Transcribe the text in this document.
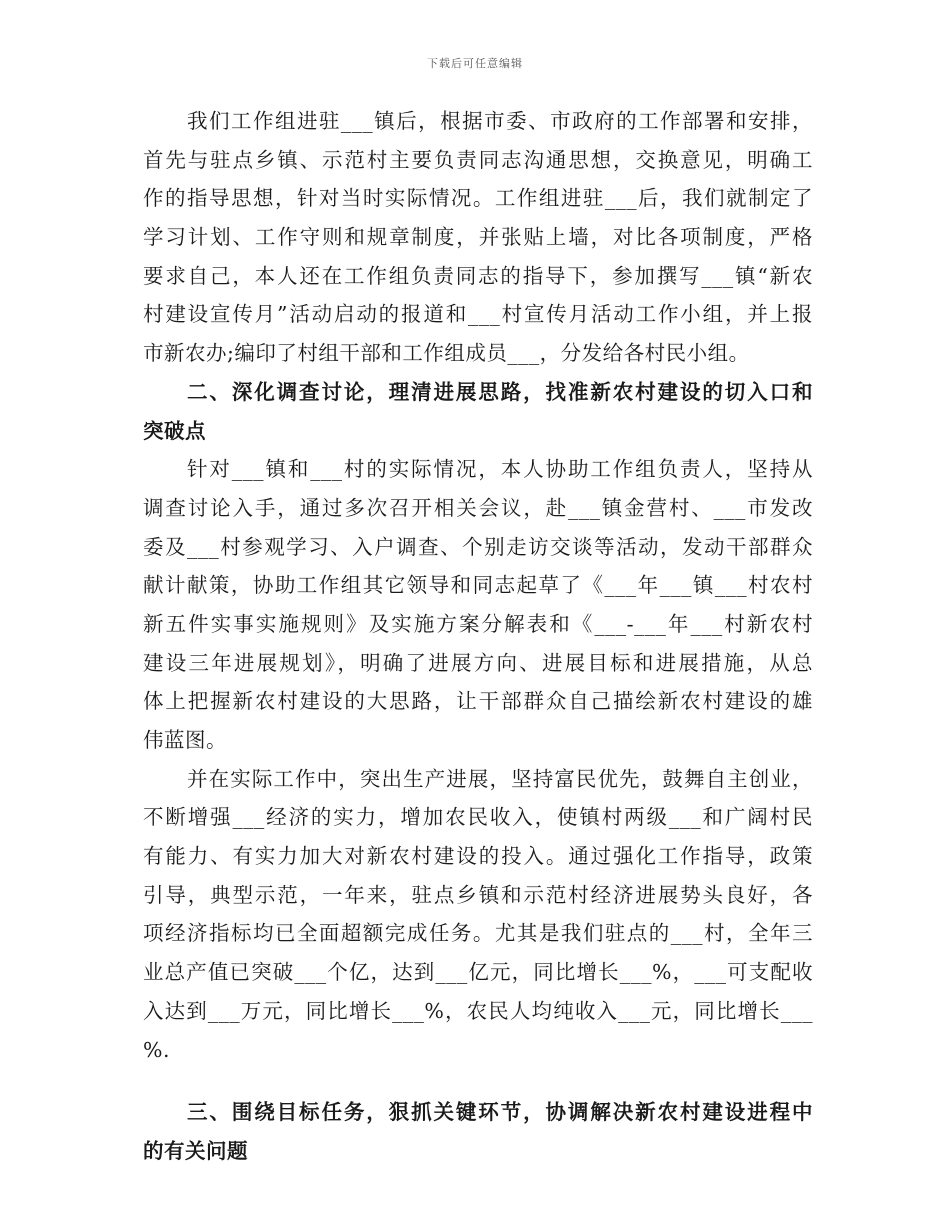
下载后可任意编辑
我们工作组进驻___镇后，根据市委、市政府的工作部署和安排，
首先与驻点乡镇、示范村主要负责同志沟通思想，交换意见，明确工
作的指导思想，针对当时实际情况。工作组进驻___后，我们就制定了
学习计划、工作守则和规章制度，并张贴上墙，对比各项制度，严格
要求自己，本人还在工作组负责同志的指导下，参加撰写___镇“新农
村建设宣传月”活动启动的报道和___村宣传月活动工作小组，并上报
市新农办;编印了村组干部和工作组成员___，分发给各村民小组。
二、深化调查讨论，理清进展思路，找准新农村建设的切入口和
突破点
针对___镇和___村的实际情况，本人协助工作组负责人，坚持从
调查讨论入手，通过多次召开相关会议，赴___镇金营村、___市发改
委及___村参观学习、入户调查、个别走访交谈等活动，发动干部群众
献计献策，协助工作组其它领导和同志起草了《___年___镇___村农村
新五件实事实施规则》及实施方案分解表和《___-___年___村新农村
建设三年进展规划》，明确了进展方向、进展目标和进展措施，从总
体上把握新农村建设的大思路，让干部群众自己描绘新农村建设的雄
伟蓝图。
并在实际工作中，突出生产进展，坚持富民优先，鼓舞自主创业，
不断增强___经济的实力，增加农民收入，使镇村两级___和广阔村民
有能力、有实力加大对新农村建设的投入。通过强化工作指导，政策
引导，典型示范，一年来，驻点乡镇和示范村经济进展势头良好，各
项经济指标均已全面超额完成任务。尤其是我们驻点的___村，全年三
业总产值已突破___个亿，达到___亿元，同比增长___%，___可支配收
入达到___万元，同比增长___%，农民人均纯收入___元，同比增长___
%.
三、围绕目标任务，狠抓关键环节，协调解决新农村建设进程中
的有关问题
